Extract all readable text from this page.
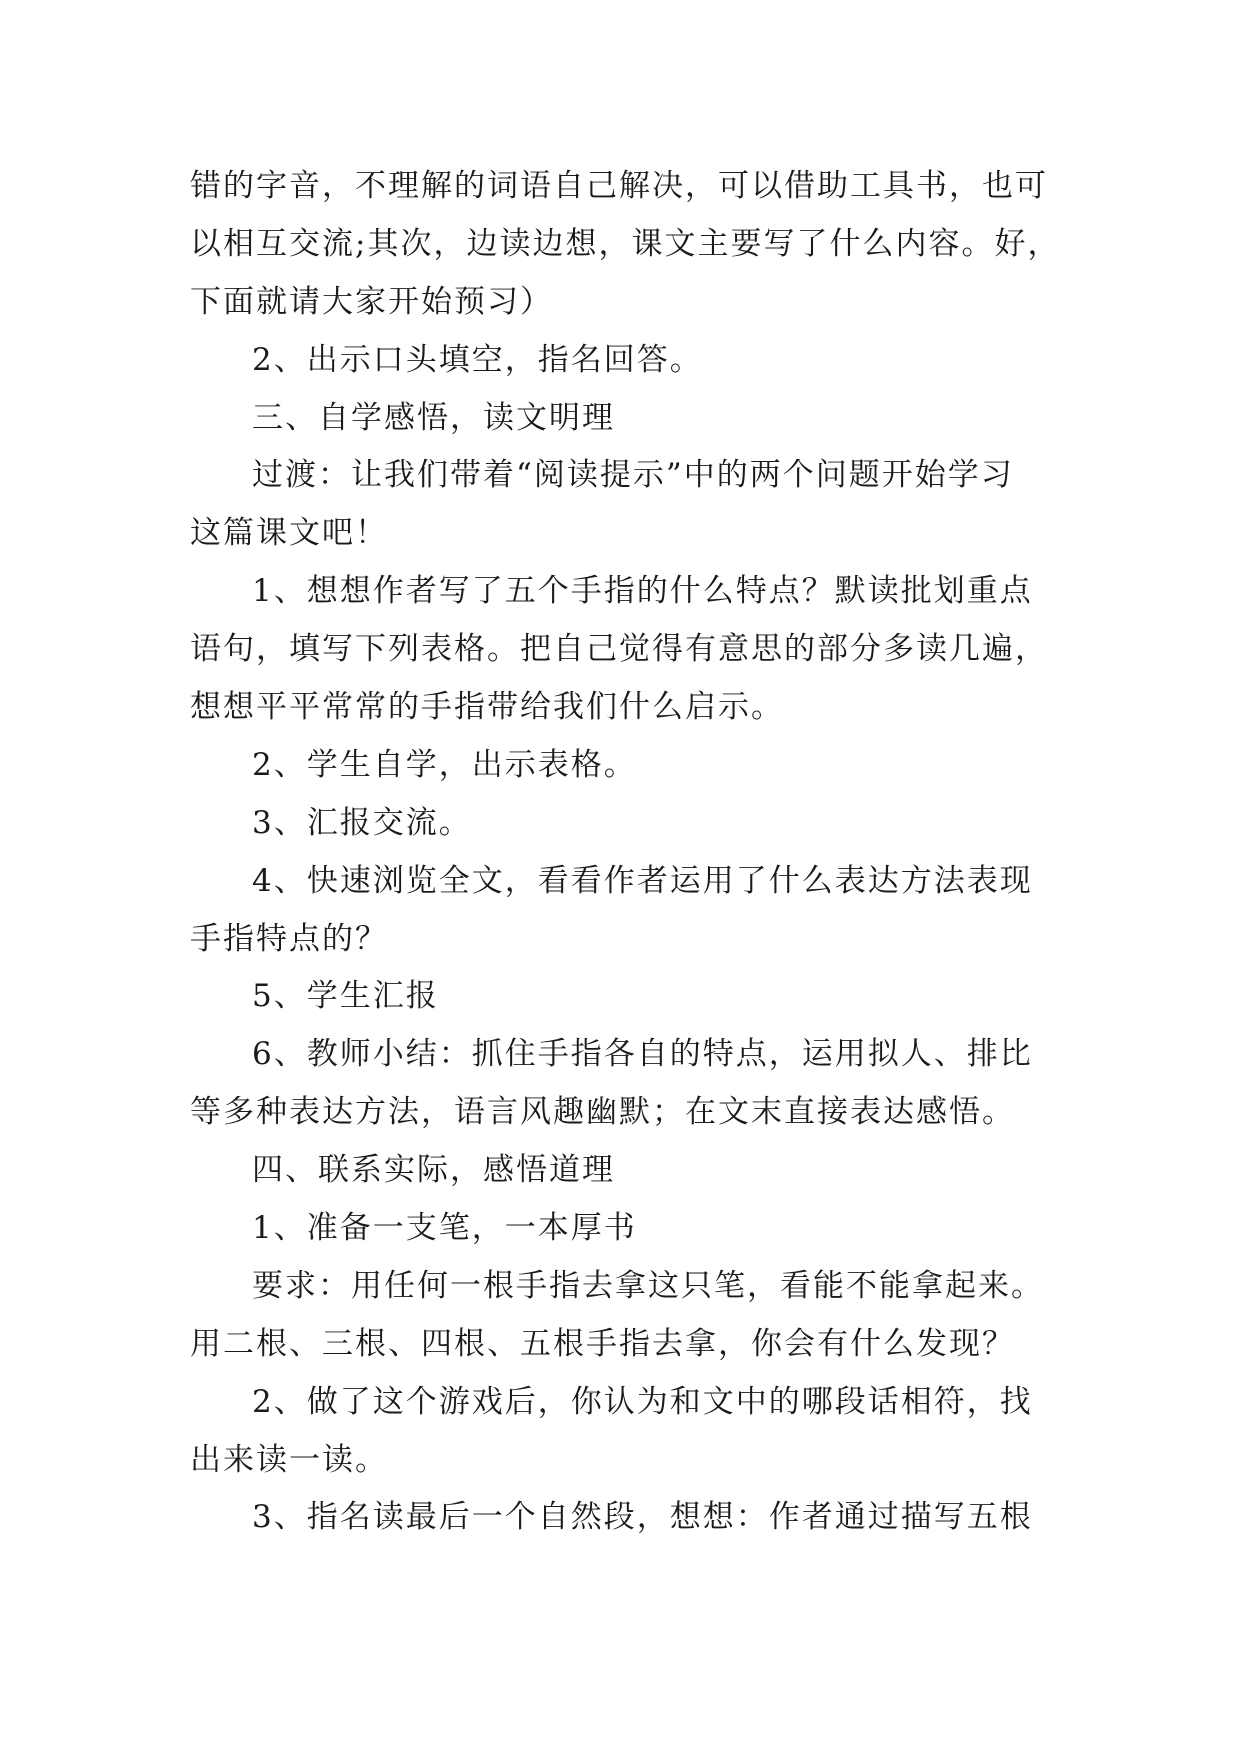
错的字音，不理解的词语自己解决，可以借助工具书，也可
以相互交流;其次，边读边想，课文主要写了什么内容。好，
下面就请大家开始预习）
2、出示口头填空，指名回答。
三、自学感悟，读文明理
过渡：让我们带着“阅读提示”中的两个问题开始学习
这篇课文吧！
1、想想作者写了五个手指的什么特点？默读批划重点
语句，填写下列表格。把自己觉得有意思的部分多读几遍，
想想平平常常的手指带给我们什么启示。
2、学生自学，出示表格。
3、汇报交流。
4、快速浏览全文，看看作者运用了什么表达方法表现
手指特点的？
5、学生汇报
6、教师小结：抓住手指各自的特点，运用拟人、排比
等多种表达方法，语言风趣幽默；在文末直接表达感悟。
四、联系实际，感悟道理
1、准备一支笔，一本厚书
要求：用任何一根手指去拿这只笔，看能不能拿起来。
用二根、三根、四根、五根手指去拿，你会有什么发现？
2、做了这个游戏后，你认为和文中的哪段话相符，找
出来读一读。
3、指名读最后一个自然段，想想：作者通过描写五根
